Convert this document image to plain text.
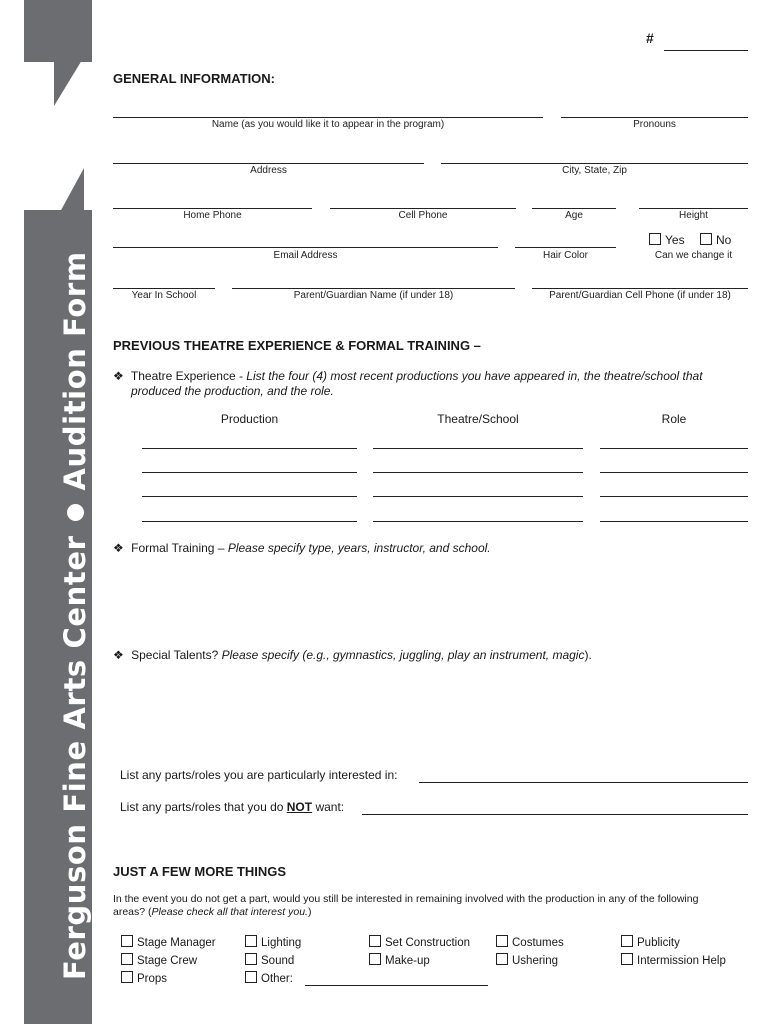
Ferguson Fine Arts Center
Audition Form
#
GENERAL INFORMATION:
Name (as you would like it to appear in the program)	Pronouns
Address	City, State, Zip
Home Phone	Cell Phone	Age	Height
Email Address	Hair Color
Yes	No
Can we change it
Year In School	Parent/Guardian Name (if under 18)	Parent/Guardian Cell Phone (if under 18)
PREVIOUS THEATRE EXPERIENCE & FORMAL TRAINING –
❖ Theatre Experience - List the four (4) most recent productions you have appeared in, the theatre/school that
produced the production, and the role.
Production	Theatre/School	Role
❖ Formal Training – Please specify type, years, instructor, and school.
❖ Special Talents? Please specify (e.g., gymnastics, juggling, play an instrument, magic).
List any parts/roles you are particularly interested in:
List any parts/roles that you do NOT want:
JUST A FEW MORE THINGS
In the event you do not get a part, would you still be interested in remaining involved with the production in any of the following
areas? (Please check all that interest you.)
Stage Manager	Lighting	Set Construction	Costumes	Publicity
Stage Crew	Sound	Make-up	Ushering	Intermission Help
Props	Other:
